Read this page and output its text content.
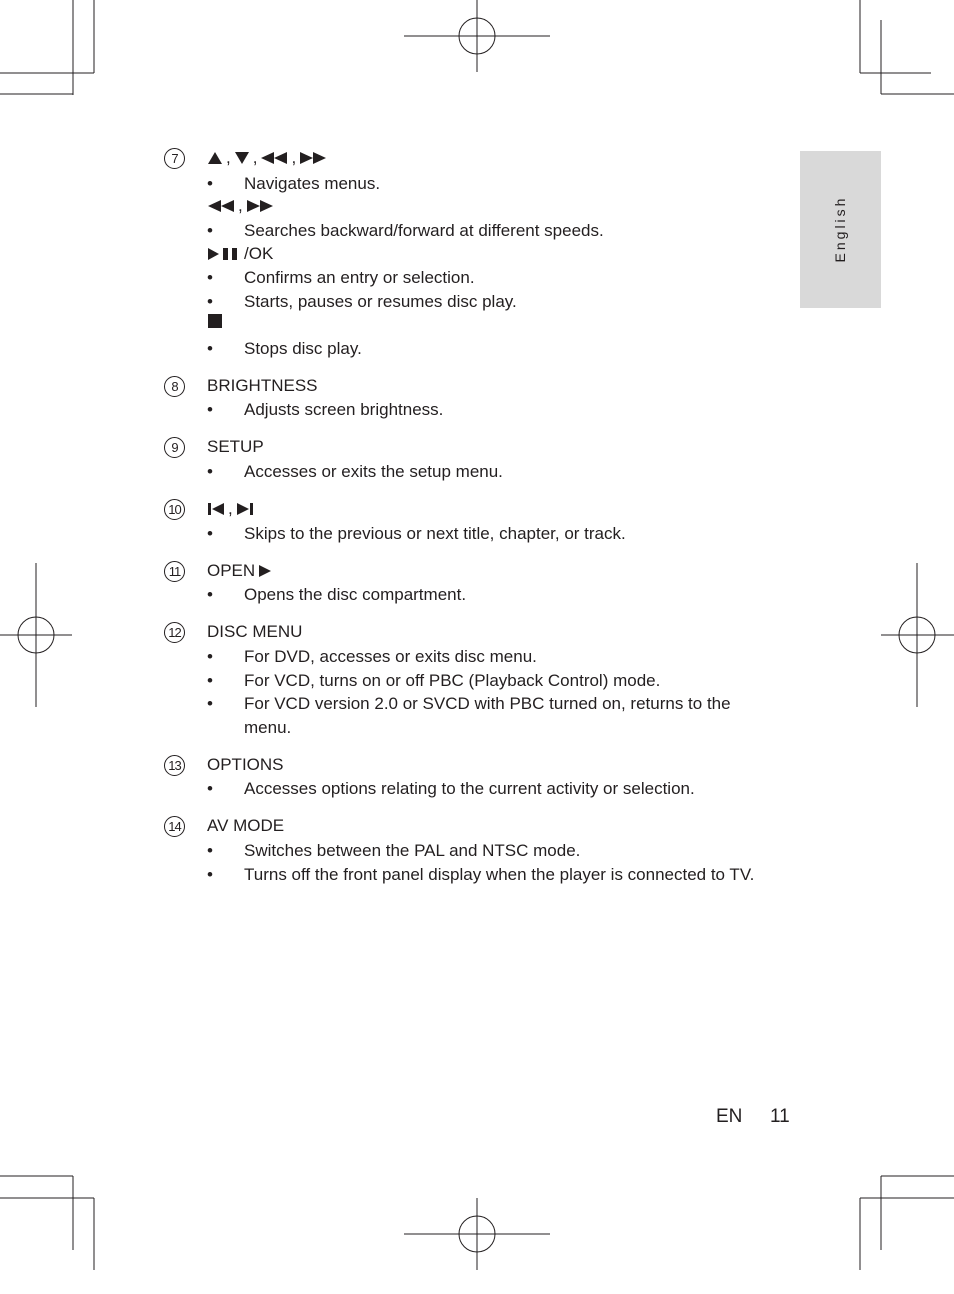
English
7	, , ,
• Navigates menus.
,
• Searches backward/forward at different speeds.
/OK
• Confirms an entry or selection.
• Starts, pauses or resumes disc play.
• Stops disc play.
8	BRIGHTNESS
• Adjusts screen brightness.
9	SETUP
• Accesses or exits the setup menu.
10	,
• Skips to the previous or next title, chapter, or track.
11 OPEN
• Opens the disc compartment.
12 DISC MENU
• For DVD, accesses or exits disc menu.
• For VCD, turns on or off PBC (Playback Control) mode.
• For VCD version 2.0 or SVCD with PBC turned on, returns to the
menu.
13 OPTIONS
• Accesses options relating to the current activity or selection.
14 AV MODE
• Switches between the PAL and NTSC mode.
• Turns off the front panel display when the player is connected to TV.
EN 11
